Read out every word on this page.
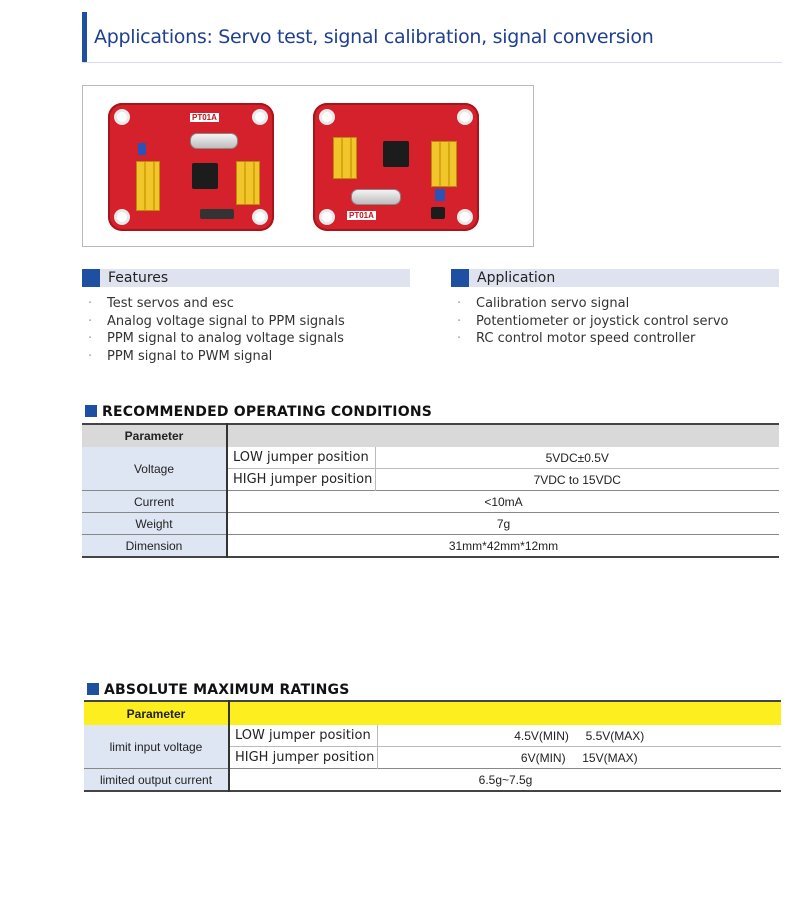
Applications: Servo test, signal calibration, signal conversion
PT01A
PT01A
Features
· Test servos and esc
· Analog voltage signal to PPM signals
· PPM signal to analog voltage signals
· PPM signal to PWM signal
Application
· Calibration servo signal
· Potentiometer or joystick control servo
· RC control motor speed controller
RECOMMENDED OPERATING CONDITIONS
Parameter		
Voltage	LOW jumper position	5VDC±0.5V
	HIGH jumper position	7VDC to 15VDC
Current	<10mA	
Weight	7g	
Dimension	31mm*42mm*12mm	
ABSOLUTE MAXIMUM RATINGS
Parameter		
limit input voltage	LOW jumper position	4.5V(MIN)     5.5V(MAX)
	HIGH jumper position	6V(MIN)     15V(MAX)
limited output current	6.5g~7.5g	
